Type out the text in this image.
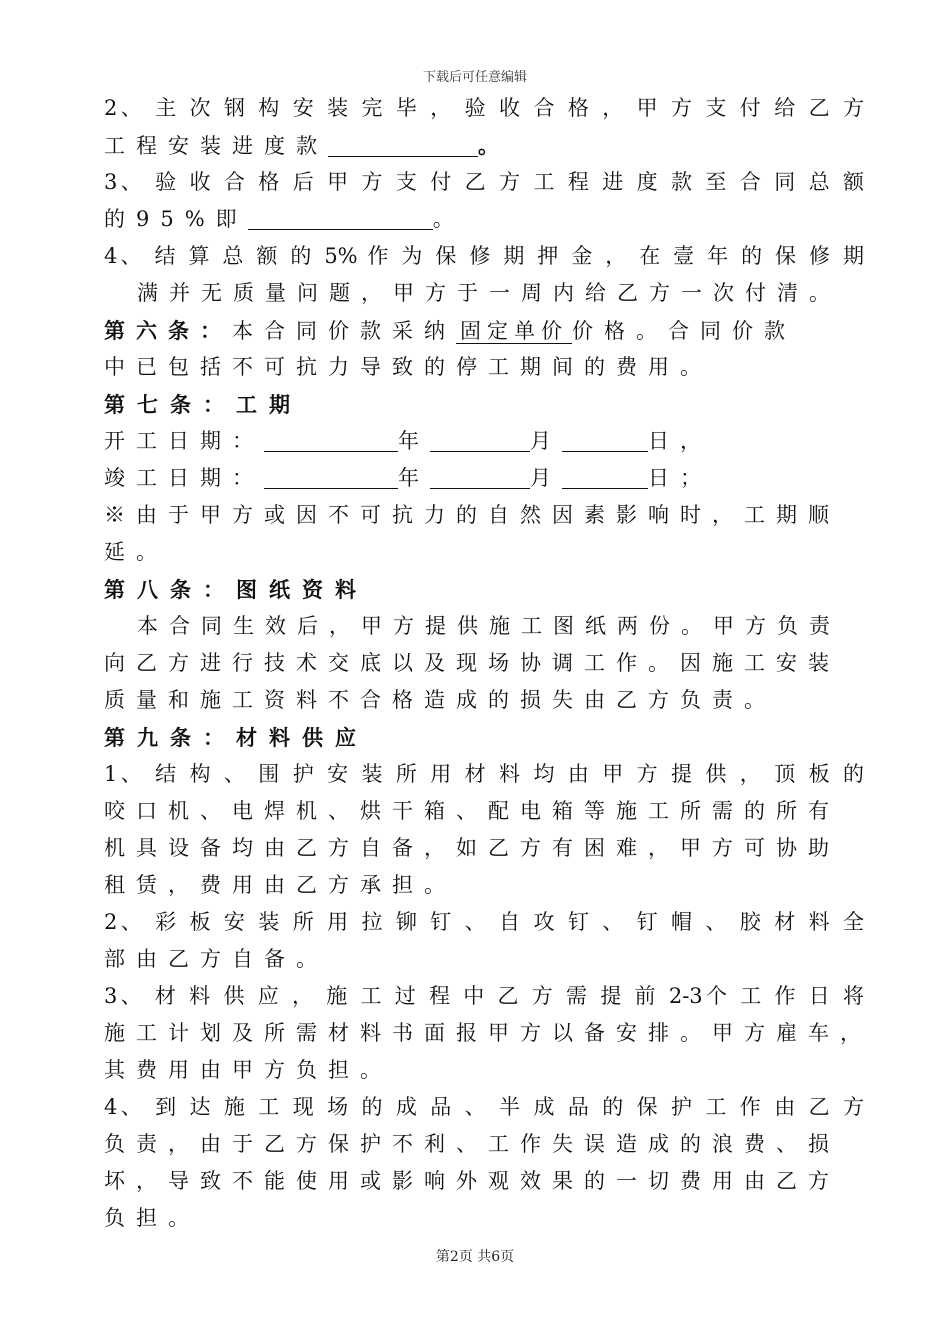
下载后可任意编辑
2、 主 次 钢 构 安 装 完 毕 ， 验 收 合 格 ， 甲 方 支 付 给 乙 方
工程安装进度款	。
3、 验 收 合 格 后 甲 方 支 付 乙 方 工 程 进 度 款 至 合 同 总 额
的95%即	。
4、 结 算 总 额 的 5% 作 为 保 修 期 押 金 ， 在 壹 年 的 保 修 期
满并无质量问题，甲方于一周内给乙方一次付清。
第六条：本合同价款采纳 固定单价 价格。合同价款
中已包括不可抗力导致的停工期间的费用。
第七条：工期
开工日期：	年	月	日，
竣工日期：	年	月	日；
※由于甲方或因不可抗力的自然因素影响时，工期顺
延。
第八条：图纸资料
本合同生效后，甲方提供施工图纸两份。甲方负责
向乙方进行技术交底以及现场协调工作。因施工安装
质量和施工资料不合格造成的损失由乙方负责。
第九条：材料供应
1、 结 构 、 围 护 安 装 所 用 材 料 均 由 甲 方 提 供 ， 顶 板 的
咬口机、电焊机、烘干箱、配电箱等施工所需的所有
机具设备均由乙方自备，如乙方有困难，甲方可协助
租赁，费用由乙方承担。
2、 彩 板 安 装 所 用 拉 铆 钉 、 自 攻 钉 、 钉 帽 、 胶 材 料 全
部由乙方自备。
3、 材 料 供 应 ， 施 工 过 程 中 乙 方 需 提 前 2-3个 工 作 日 将
施工计划及所需材料书面报甲方以备安排。甲方雇车，
其费用由甲方负担。
4、 到 达 施 工 现 场 的 成 品 、 半 成 品 的 保 护 工 作 由 乙 方
负责，由于乙方保护不利、工作失误造成的浪费、损
坏，导致不能使用或影响外观效果的一切费用由乙方
负担。
第2页 共6页
